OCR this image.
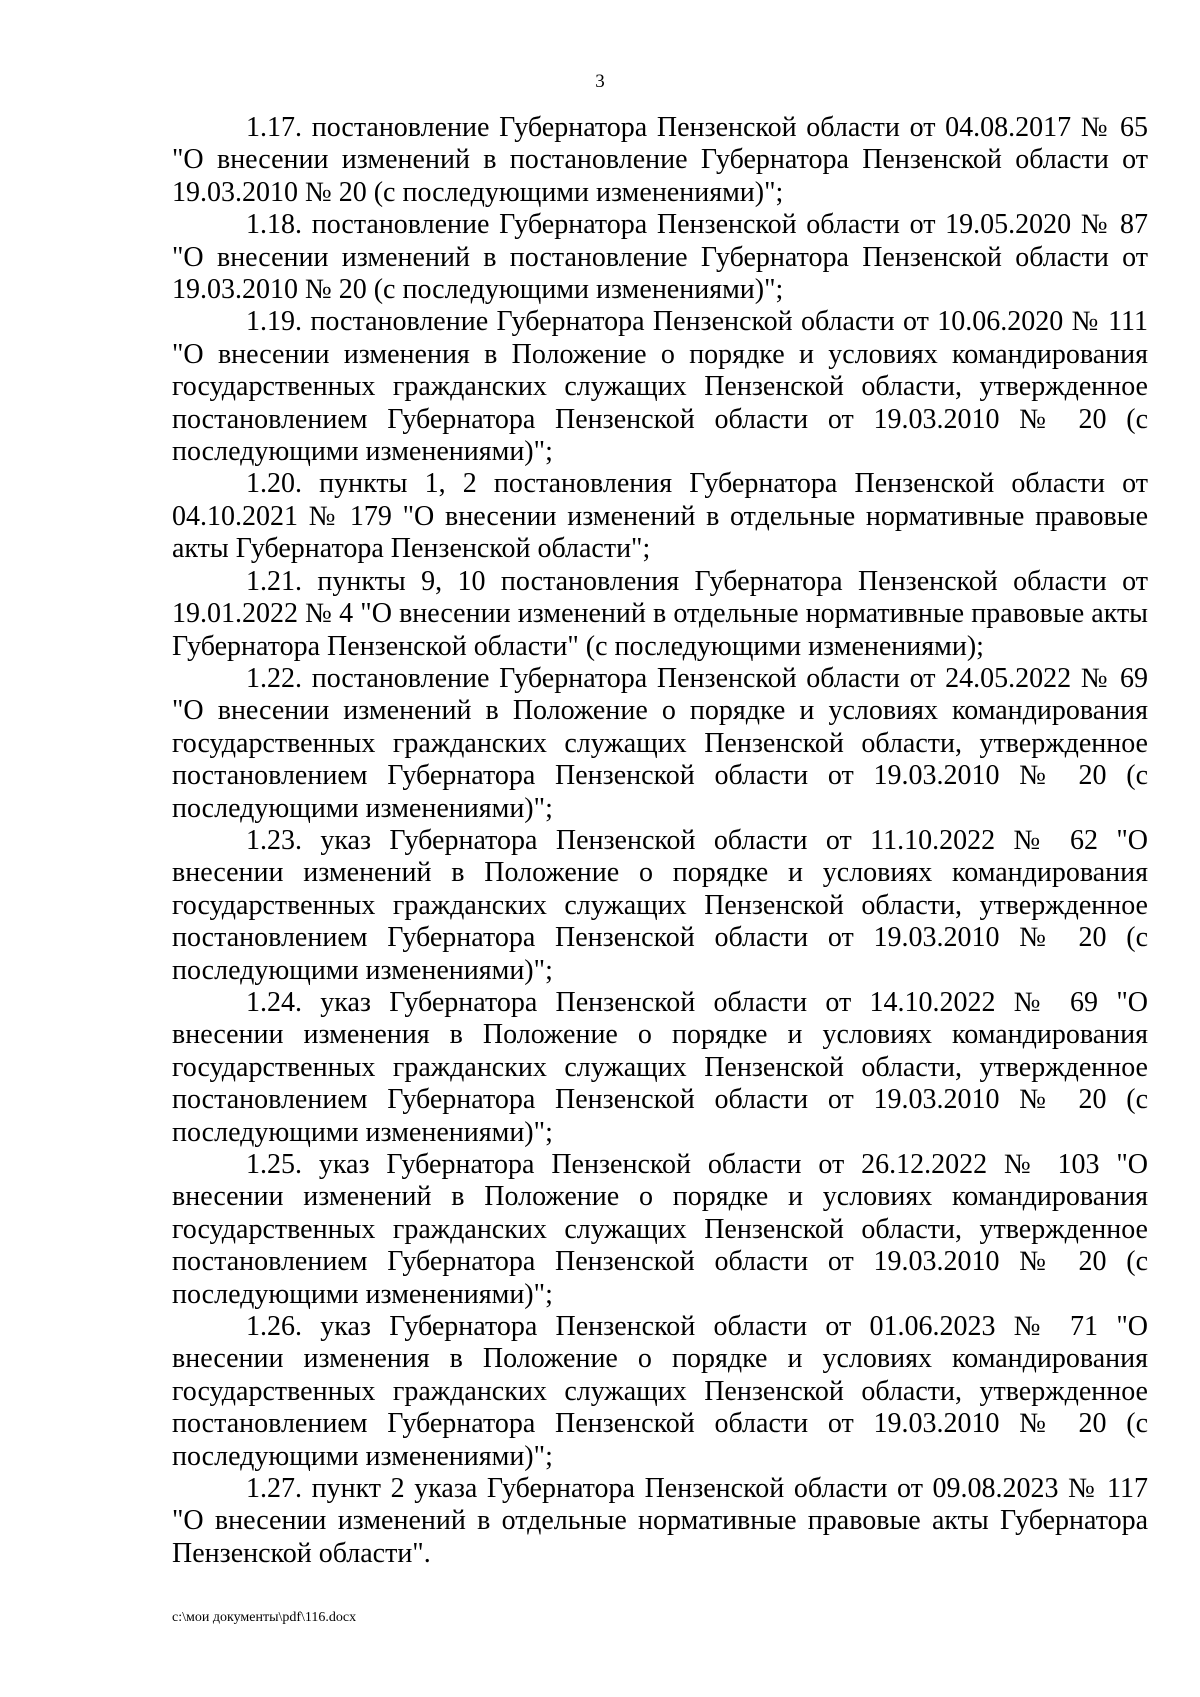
3

1.17. постановление Губернатора Пензенской области от 04.08.2017 № 65 "О внесении изменений в постановление Губернатора Пензенской области от 19.03.2010 № 20 (с последующими изменениями)";

1.18. постановление Губернатора Пензенской области от 19.05.2020 № 87 "О внесении изменений в постановление Губернатора Пензенской области от 19.03.2010 № 20 (с последующими изменениями)";

1.19. постановление Губернатора Пензенской области от 10.06.2020 № 111 "О внесении изменения в Положение о порядке и условиях командирования государственных гражданских служащих Пензенской области, утвержденное постановлением Губернатора Пензенской области от 19.03.2010 № 20 (с последующими изменениями)";

1.20. пункты 1, 2 постановления Губернатора Пензенской области от 04.10.2021 № 179 "О внесении изменений в отдельные нормативные правовые акты Губернатора Пензенской области";

1.21. пункты 9, 10 постановления Губернатора Пензенской области от 19.01.2022 № 4 "О внесении изменений в отдельные нормативные правовые акты Губернатора Пензенской области" (с последующими изменениями);

1.22. постановление Губернатора Пензенской области от 24.05.2022 № 69 "О внесении изменений в Положение о порядке и условиях командирования государственных гражданских служащих Пензенской области, утвержденное постановлением Губернатора Пензенской области от 19.03.2010 № 20 (с последующими изменениями)";

1.23. указ Губернатора Пензенской области от 11.10.2022 № 62 "О внесении изменений в Положение о порядке и условиях командирования государственных гражданских служащих Пензенской области, утвержденное постановлением Губернатора Пензенской области от 19.03.2010 № 20 (с последующими изменениями)";

1.24. указ Губернатора Пензенской области от 14.10.2022 № 69 "О внесении изменения в Положение о порядке и условиях командирования государственных гражданских служащих Пензенской области, утвержденное постановлением Губернатора Пензенской области от 19.03.2010 № 20 (с последующими изменениями)";

1.25. указ Губернатора Пензенской области от 26.12.2022 № 103 "О внесении изменений в Положение о порядке и условиях командирования государственных гражданских служащих Пензенской области, утвержденное постановлением Губернатора Пензенской области от 19.03.2010 № 20 (с последующими изменениями)";

1.26. указ Губернатора Пензенской области от 01.06.2023 № 71 "О внесении изменения в Положение о порядке и условиях командирования государственных гражданских служащих Пензенской области, утвержденное постановлением Губернатора Пензенской области от 19.03.2010 № 20 (с последующими изменениями)";

1.27. пункт 2 указа Губернатора Пензенской области от 09.08.2023 № 117 "О внесении изменений в отдельные нормативные правовые акты Губернатора Пензенской области".

c:\мои документы\pdf\116.docx
